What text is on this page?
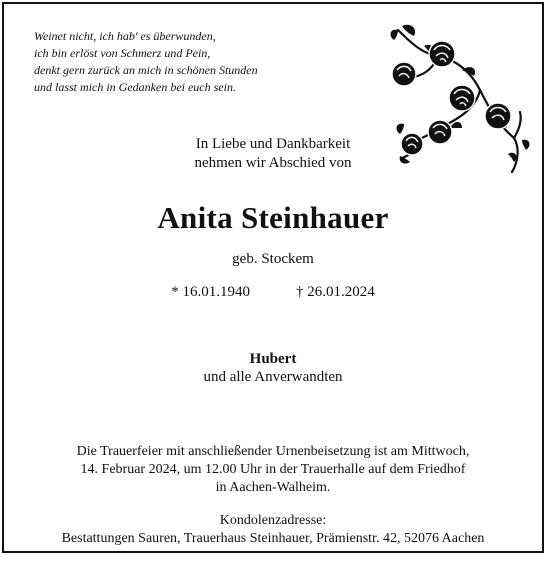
Weinet nicht, ich hab' es überwunden,
ich bin erlöst von Schmerz und Pein,
denkt gern zurück an mich in schönen Stunden
und lasst mich in Gedanken bei euch sein.
In Liebe und Dankbarkeit
nehmen wir Abschied von
Anita Steinhauer
geb. Stockem
* 16.01.1940	† 26.01.2024
Hubert
und alle Anverwandten
Die Trauerfeier mit anschließender Urnenbeisetzung ist am Mittwoch,
14. Februar 2024, um 12.00 Uhr in der Trauerhalle auf dem Friedhof
in Aachen-Walheim.
Kondolenzadresse:
Bestattungen Sauren, Trauerhaus Steinhauer, Prämienstr. 42, 52076 Aachen
